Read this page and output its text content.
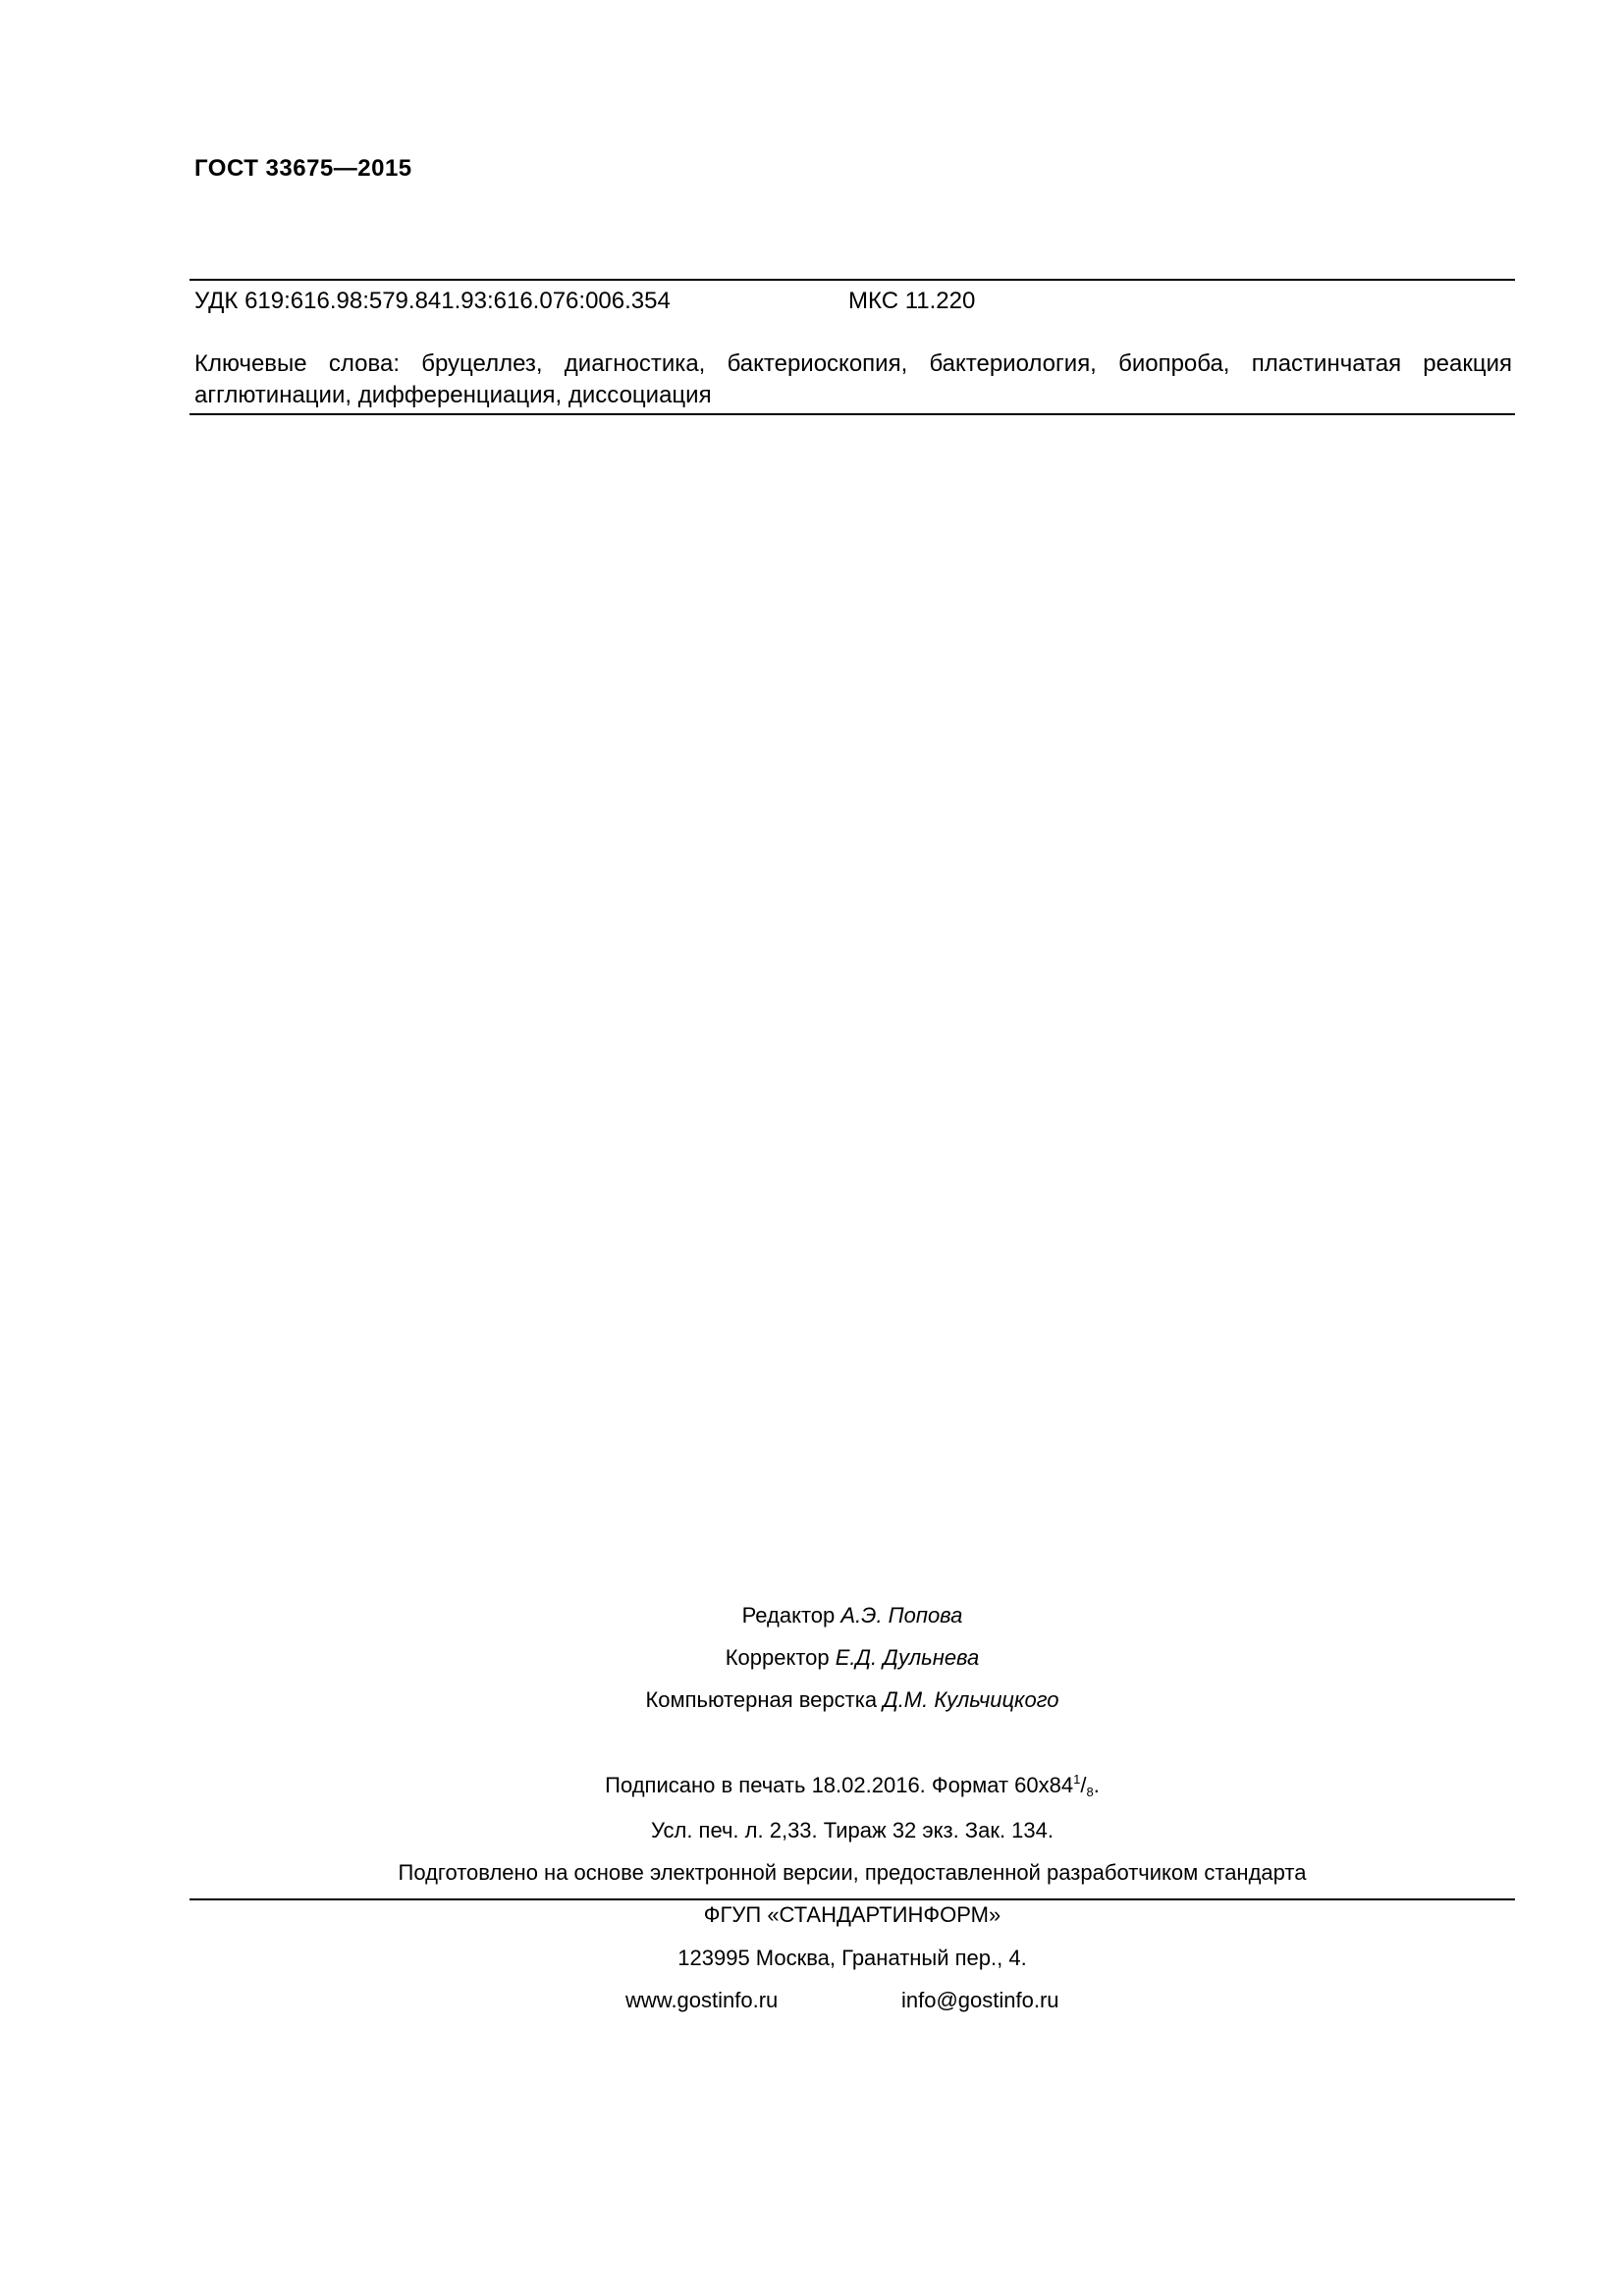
ГОСТ 33675—2015
УДК 619:616.98:579.841.93:616.076:006.354	МКС 11.220
Ключевые слова: бруцеллез, диагностика, бактериоскопия, бактериология, биопроба, пластинчатая реакция агглютинации, дифференциация, диссоциация
Редактор А.Э. Попова
Корректор Е.Д. Дульнева
Компьютерная верстка Д.М. Кульчицкого
Подписано в печать 18.02.2016. Формат $60х84^1/_8$.
Усл. печ. л. 2,33. Тираж 32 экз. Зак. 134.
Подготовлено на основе электронной версии, предоставленной разработчиком стандарта
ФГУП «СТАНДАРТИНФОРМ»
123995 Москва, Гранатный пер., 4.
www.gostinfo.ru	info@gostinfo.ru
